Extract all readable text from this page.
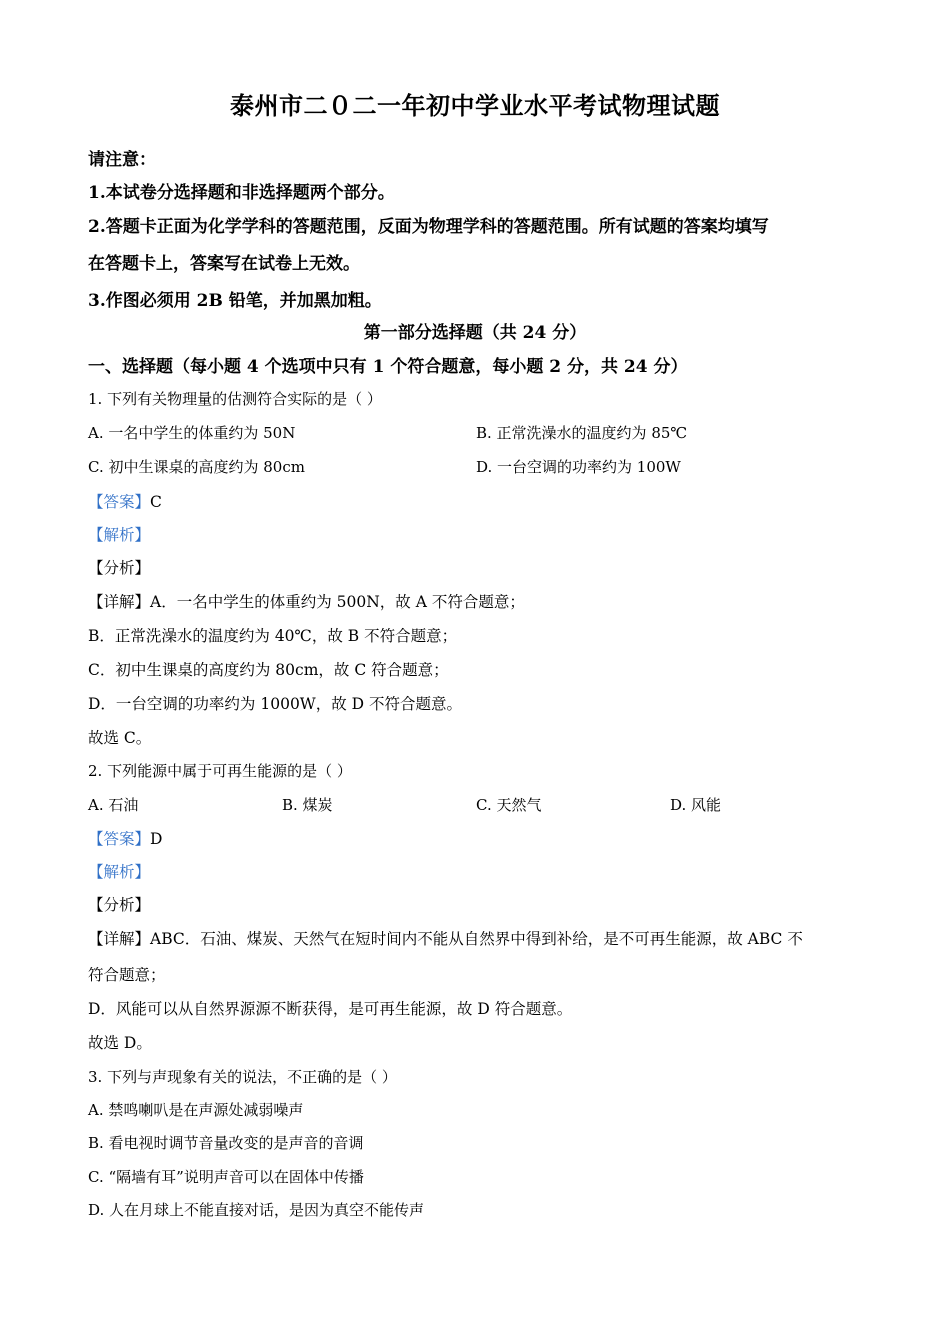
泰州市二０二一年初中学业水平考试物理试题
请注意：
1.本试卷分选择题和非选择题两个部分。
2.答题卡正面为化学学科的答题范围，反面为物理学科的答题范围。所有试题的答案均填写
在答题卡上，答案写在试卷上无效。
3.作图必须用 2B 铅笔，并加黑加粗。
第一部分选择题（共 24 分）
一、选择题（每小题 4 个选项中只有 1 个符合题意，每小题 2 分，共 24 分）
1. 下列有关物理量的估测符合实际的是（ ）
A. 一名中学生的体重约为 50N	B. 正常洗澡水的温度约为 85℃
C. 初中生课桌的高度约为 80cm	D. 一台空调的功率约为 100W
【答案】C
【解析】
【分析】
【详解】A．一名中学生的体重约为 500N，故 A 不符合题意；
B．正常洗澡水的温度约为 40℃，故 B 不符合题意；
C．初中生课桌的高度约为 80cm，故 C 符合题意；
D．一台空调的功率约为 1000W，故 D 不符合题意。
故选 C。
2. 下列能源中属于可再生能源的是（ ）
A. 石油	B. 煤炭	C. 天然气	D. 风能
【答案】D
【解析】
【分析】
【详解】ABC．石油、煤炭、天然气在短时间内不能从自然界中得到补给，是不可再生能源，故 ABC 不
符合题意；
D．风能可以从自然界源源不断获得，是可再生能源，故 D 符合题意。
故选 D。
3. 下列与声现象有关的说法，不正确的是（ ）
A. 禁鸣喇叭是在声源处减弱噪声
B. 看电视时调节音量改变的是声音的音调
C. “隔墙有耳”说明声音可以在固体中传播
D. 人在月球上不能直接对话，是因为真空不能传声
